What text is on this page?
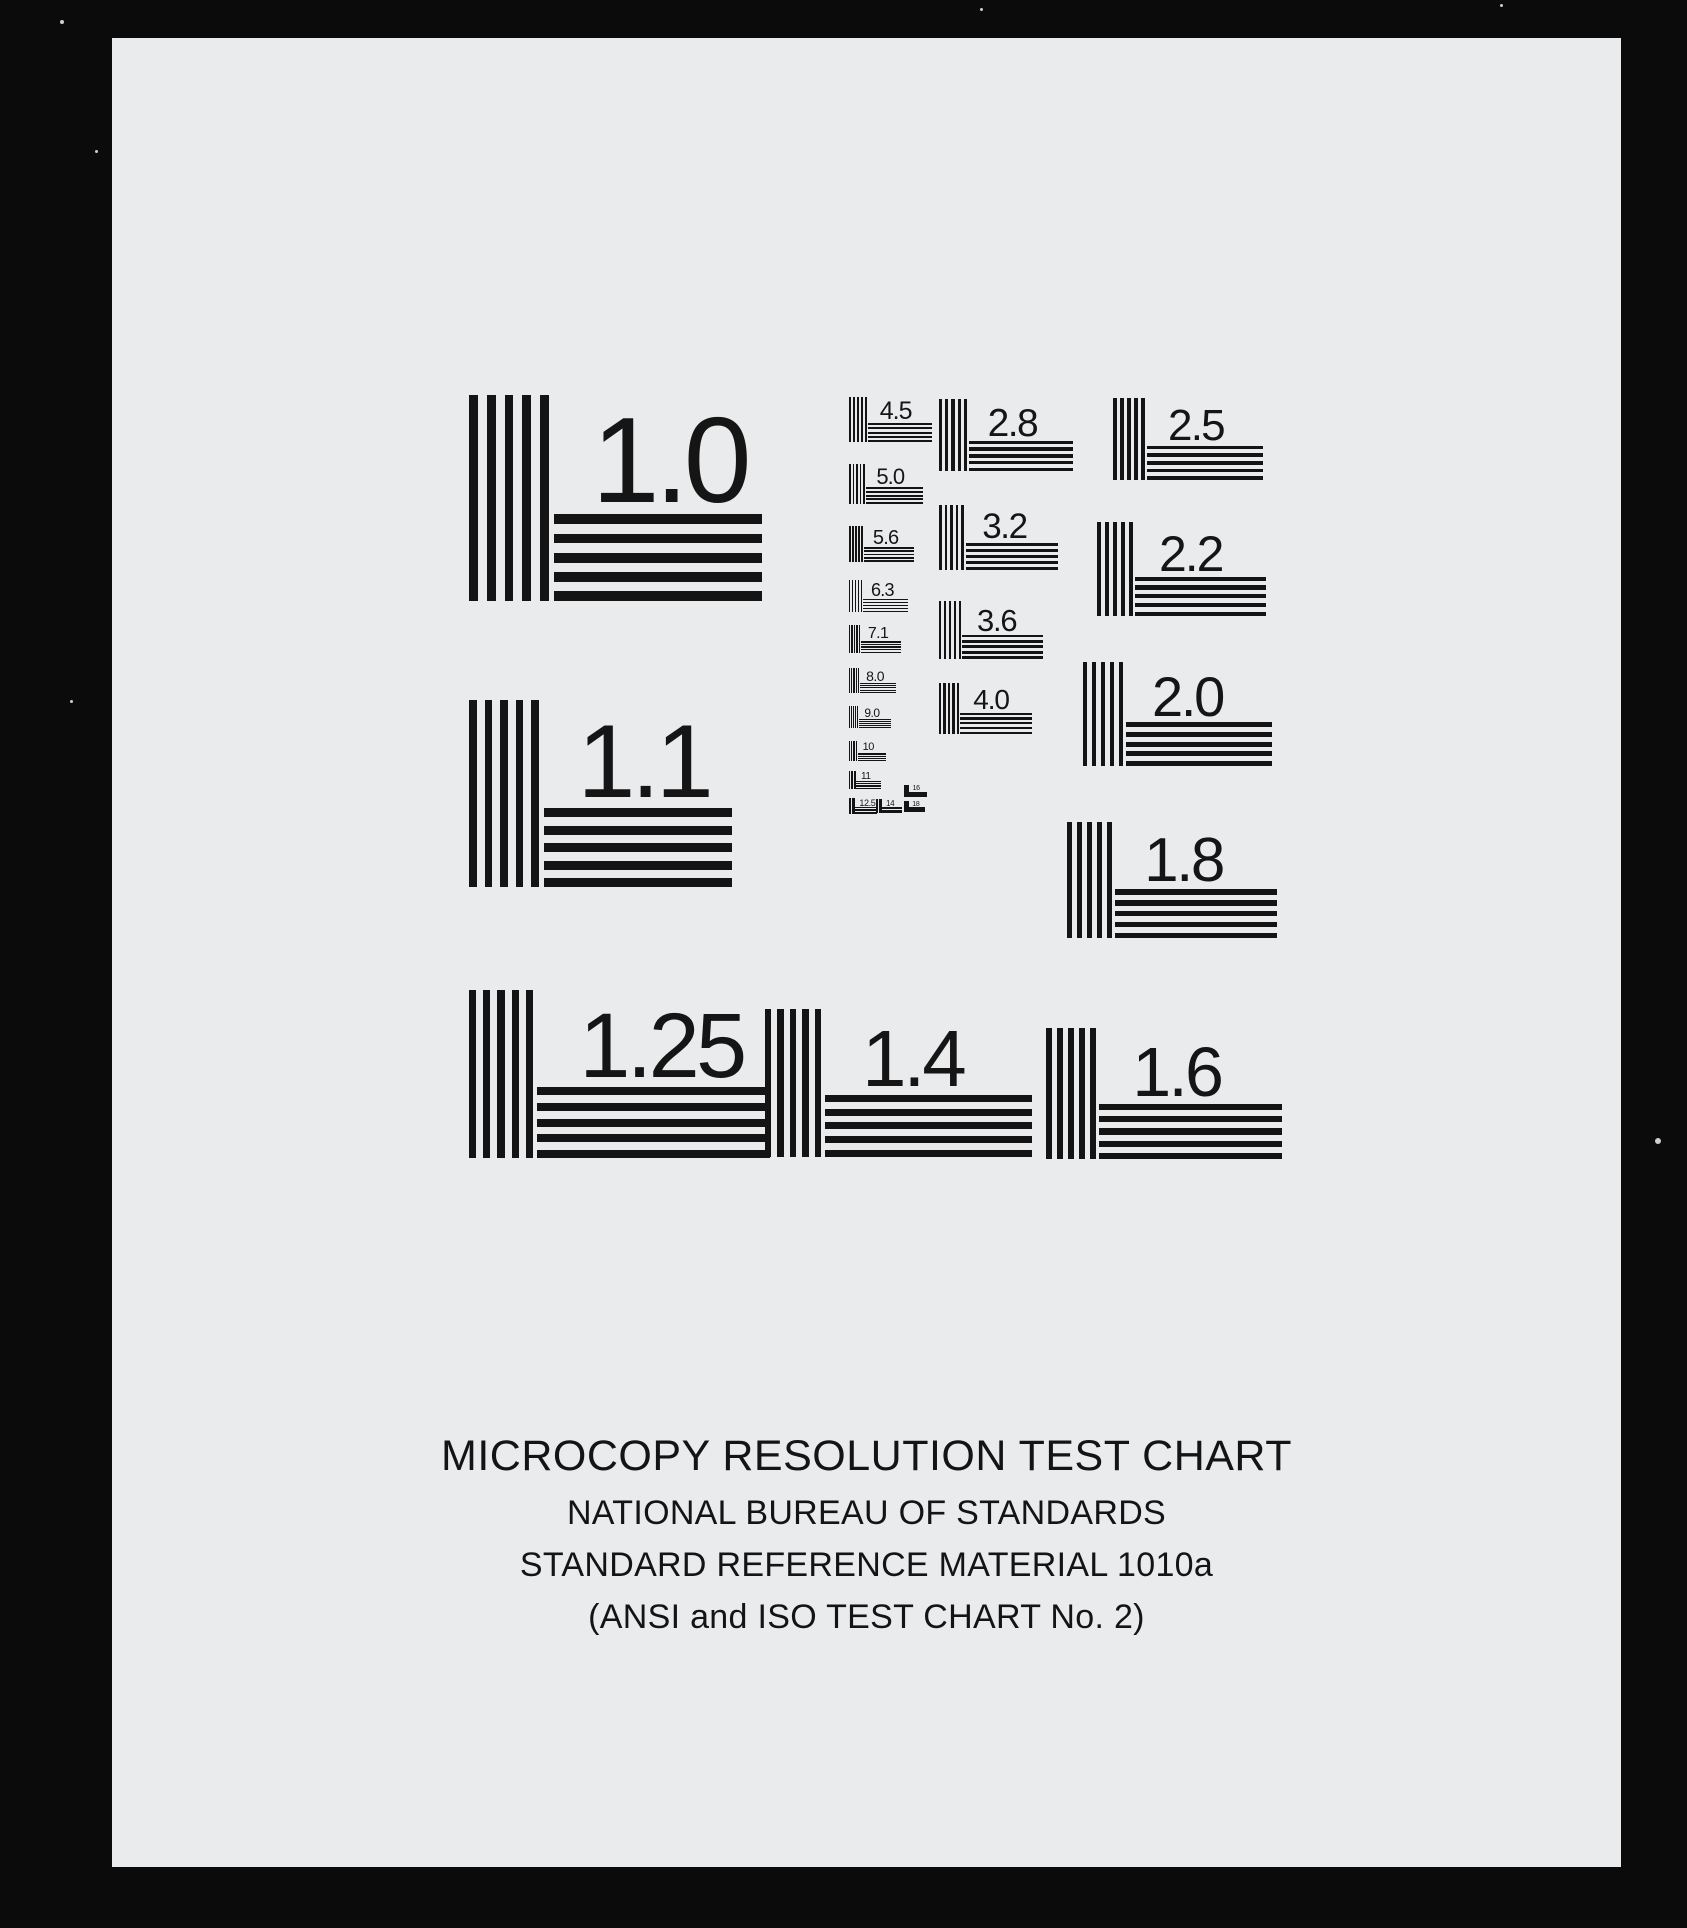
1.0
1.1
1.25 1.4 1.6
1.8
2.0
2.2
2.5
2.8
3.2
3.6
4.0
4.5
5.0
5.6
6.3
7.1
8.0
9.0
10
11
12.5 14
16
18
MICROCOPY RESOLUTION TEST CHART
NATIONAL BUREAU OF STANDARDS
STANDARD REFERENCE MATERIAL 1010a
(ANSI and ISO TEST CHART No. 2)
